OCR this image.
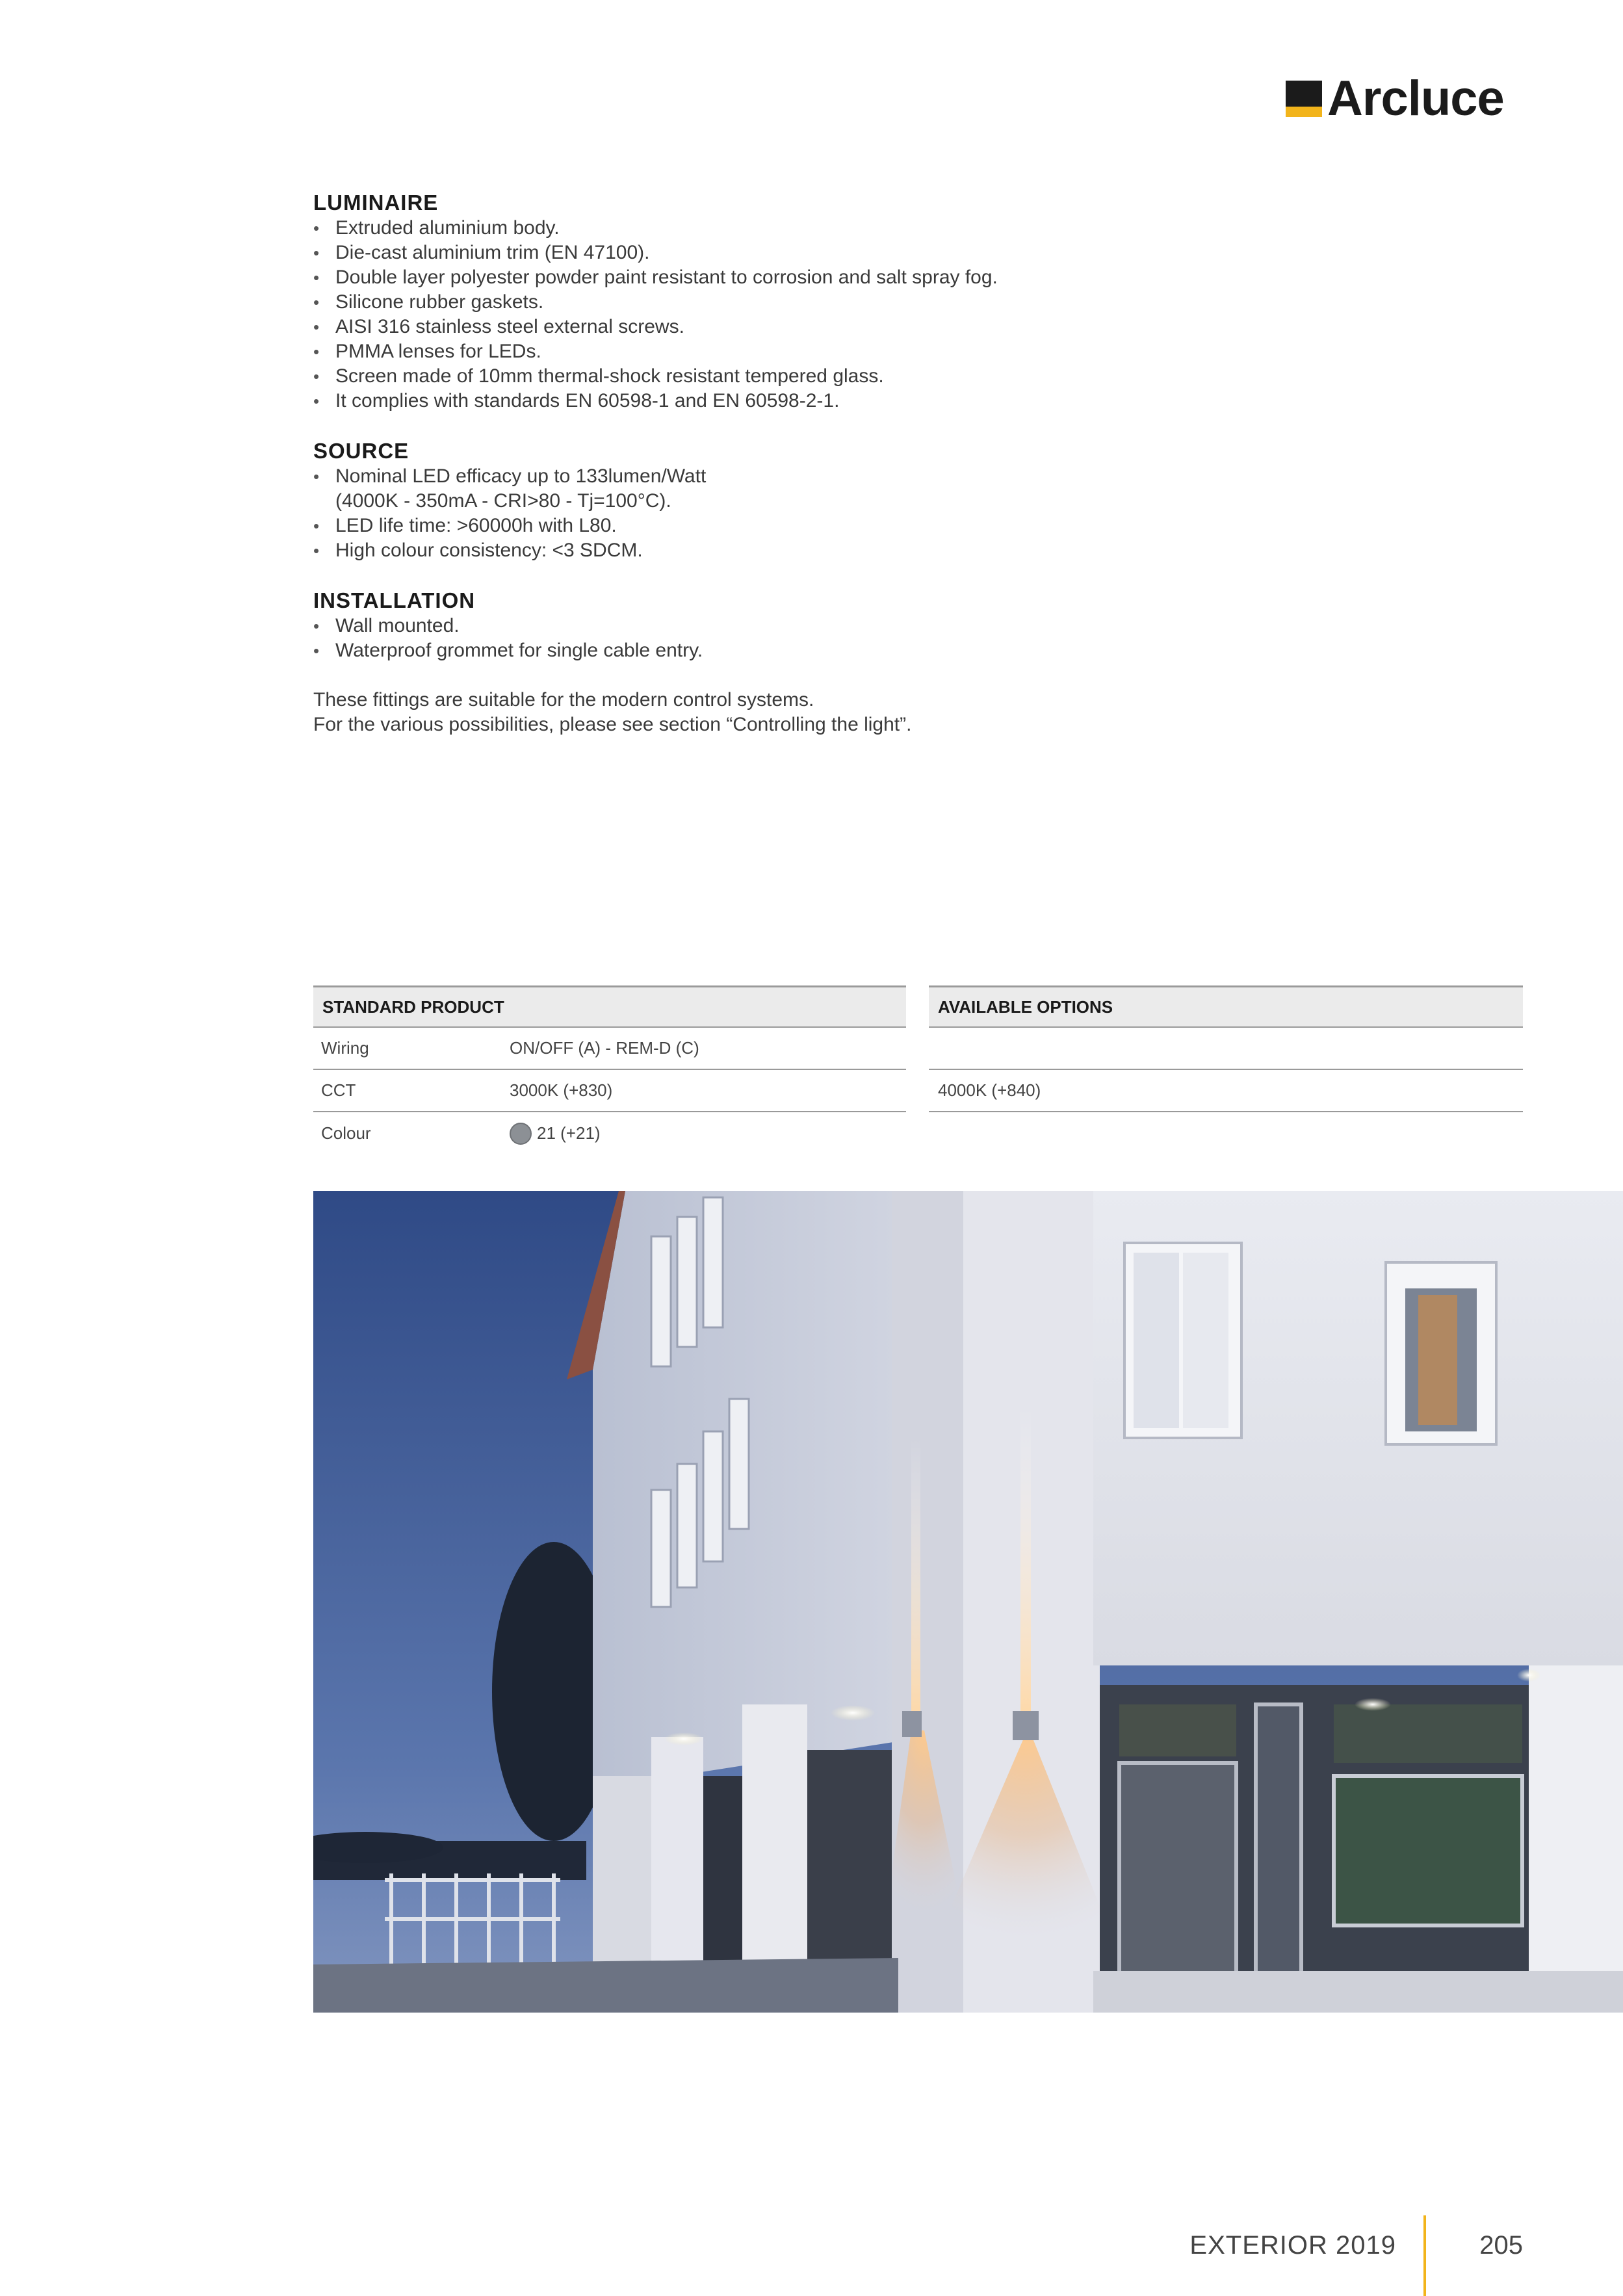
Arcluce
LUMINAIRE
• Extruded aluminium body.
• Die-cast aluminium trim (EN 47100).
• Double layer polyester powder paint resistant to corrosion and salt spray fog.
• Silicone rubber gaskets.
• AISI 316 stainless steel external screws.
• PMMA lenses for LEDs.
• Screen made of 10mm thermal-shock resistant tempered glass.
• It complies with standards EN 60598-1 and EN 60598-2-1.
SOURCE
• Nominal LED efficacy up to 133lumen/Watt
(4000K - 350mA - CRI>80 - Tj=100°C).
• LED life time: >60000h with L80.
• High colour consistency: <3 SDCM.
INSTALLATION
• Wall mounted.
• Waterproof grommet for single cable entry.
These fittings are suitable for the modern control systems.
For the various possibilities, please see section “Controlling the light”.
STANDARD PRODUCT
Wiring	ON/OFF (A) - REM-D (C)
CCT	3000K (+830)
Colour	21 (+21)
AVAILABLE OPTIONS
4000K (+840)
EXTERIOR 2019	205
